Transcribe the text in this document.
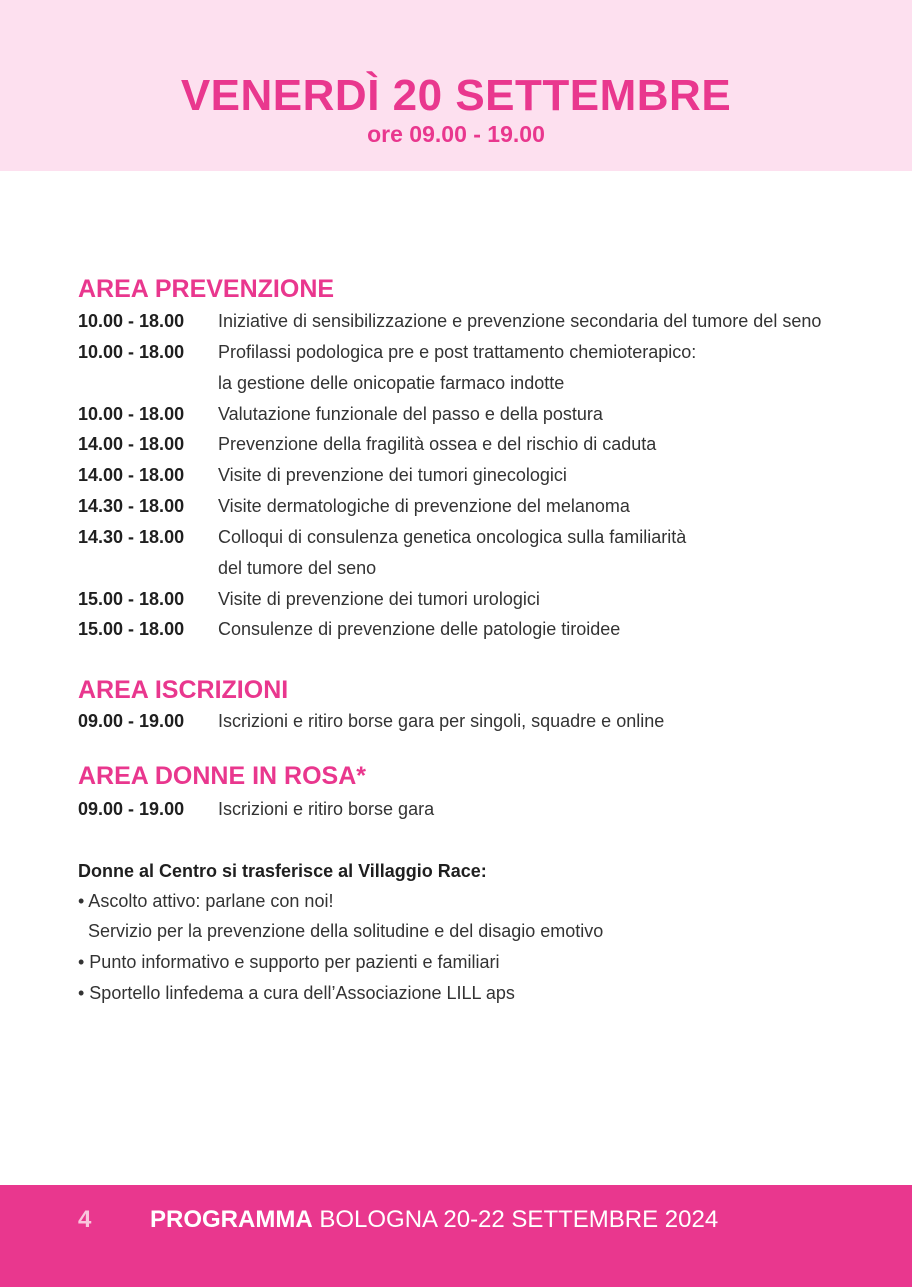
VENERDÌ 20 SETTEMBRE
ore 09.00 - 19.00
AREA PREVENZIONE
10.00 - 18.00 Iniziative di sensibilizzazione e prevenzione secondaria del tumore del seno
10.00 - 18.00 Profilassi podologica pre e post trattamento chemioterapico:
la gestione delle onicopatie farmaco indotte
10.00 - 18.00 Valutazione funzionale del passo e della postura
14.00 - 18.00 Prevenzione della fragilità ossea e del rischio di caduta
14.00 - 18.00 Visite di prevenzione dei tumori ginecologici
14.30 - 18.00 Visite dermatologiche di prevenzione del melanoma
14.30 - 18.00 Colloqui di consulenza genetica oncologica sulla familiarità
del tumore del seno
15.00 - 18.00 Visite di prevenzione dei tumori urologici
15.00 - 18.00 Consulenze di prevenzione delle patologie tiroidee
AREA ISCRIZIONI
09.00 - 19.00 Iscrizioni e ritiro borse gara per singoli, squadre e online
AREA DONNE IN ROSA*
09.00 - 19.00 Iscrizioni e ritiro borse gara
Donne al Centro si trasferisce al Villaggio Race:
• Ascolto attivo: parlane con noi!
Servizio per la prevenzione della solitudine e del disagio emotivo
• Punto informativo e supporto per pazienti e familiari
• Sportello linfedema a cura dell’Associazione LILL aps
4 PROGRAMMA BOLOGNA 20-22 SETTEMBRE 2024
